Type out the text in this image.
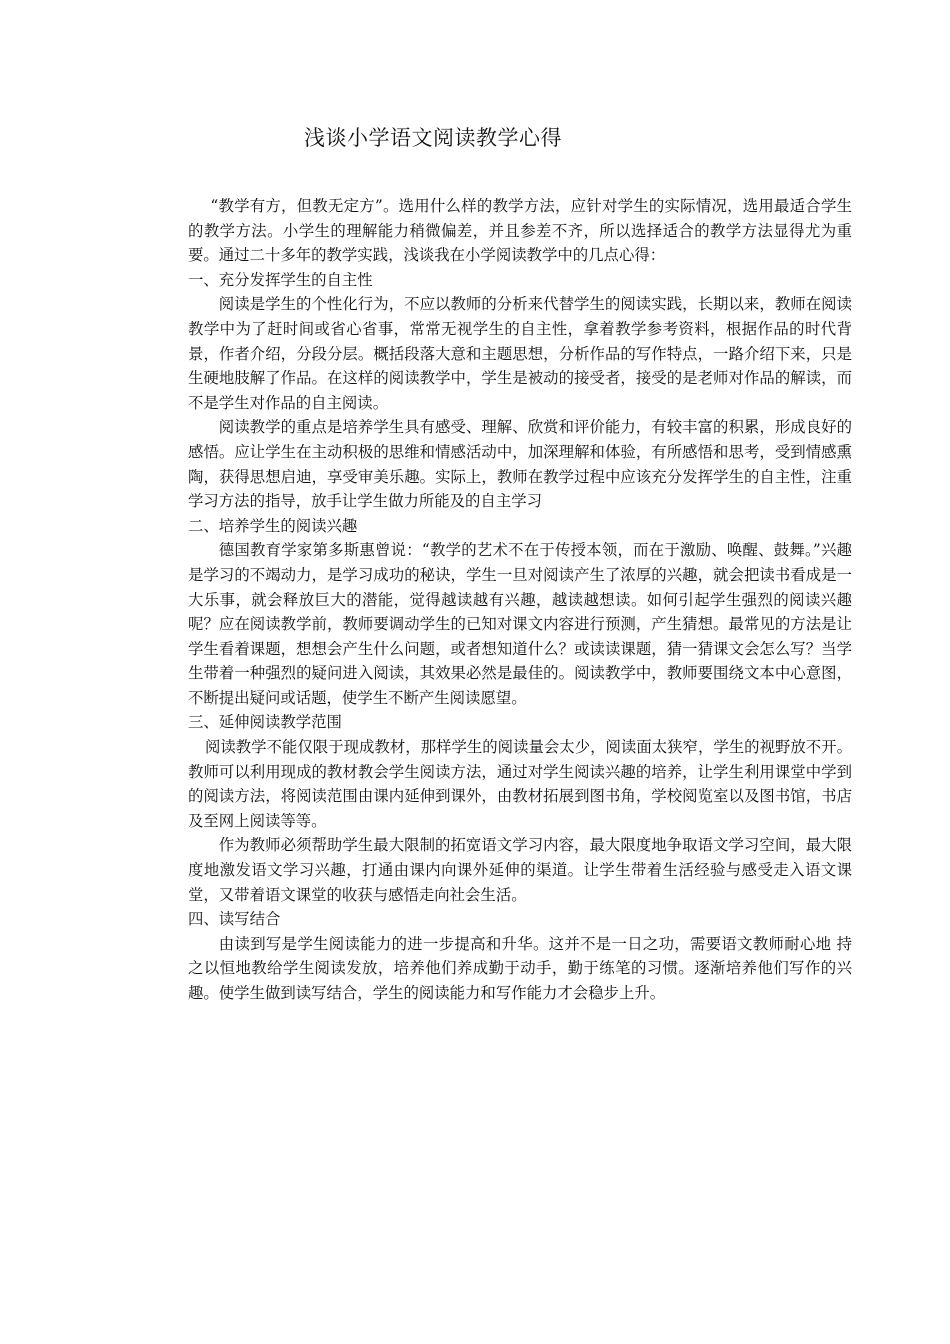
浅谈小学语文阅读教学心得

“教学有方，但教无定方”。选用什么样的教学方法，应针对学生的实际情况，选用最适合学生的教学方法。小学生的理解能力稍微偏差，并且参差不齐，所以选择适合的教学方法显得尤为重要。通过二十多年的教学实践，浅谈我在小学阅读教学中的几点心得：

一、充分发挥学生的自主性

阅读是学生的个性化行为，不应以教师的分析来代替学生的阅读实践，长期以来，教师在阅读教学中为了赶时间或省心省事，常常无视学生的自主性，拿着教学参考资料，根据作品的时代背景，作者介绍，分段分层。概括段落大意和主题思想，分析作品的写作特点，一路介绍下来，只是生硬地肢解了作品。在这样的阅读教学中，学生是被动的接受者，接受的是老师对作品的解读，而不是学生对作品的自主阅读。

阅读教学的重点是培养学生具有感受、理解、欣赏和评价能力，有较丰富的积累，形成良好的感悟。应让学生在主动积极的思维和情感活动中，加深理解和体验，有所感悟和思考，受到情感熏陶，获得思想启迪，享受审美乐趣。实际上，教师在教学过程中应该充分发挥学生的自主性，注重学习方法的指导，放手让学生做力所能及的自主学习

二、培养学生的阅读兴趣

德国教育学家第多斯惠曾说：“教学的艺术不在于传授本领，而在于激励、唤醒、鼓舞。”兴趣是学习的不竭动力，是学习成功的秘诀，学生一旦对阅读产生了浓厚的兴趣，就会把读书看成是一大乐事，就会释放巨大的潜能，觉得越读越有兴趣，越读越想读。如何引起学生强烈的阅读兴趣呢？应在阅读教学前，教师要调动学生的已知对课文内容进行预测，产生猜想。最常见的方法是让学生看着课题，想想会产生什么问题，或者想知道什么？或读读课题，猜一猜课文会怎么写？当学生带着一种强烈的疑问进入阅读，其效果必然是最佳的。阅读教学中，教师要围绕文本中心意图，不断提出疑问或话题，使学生不断产生阅读愿望。

三、延伸阅读教学范围

阅读教学不能仅限于现成教材，那样学生的阅读量会太少，阅读面太狭窄，学生的视野放不开。教师可以利用现成的教材教会学生阅读方法，通过对学生阅读兴趣的培养，让学生利用课堂中学到的阅读方法，将阅读范围由课内延伸到课外，由教材拓展到图书角，学校阅览室以及图书馆，书店及至网上阅读等等。

作为教师必须帮助学生最大限制的拓宽语文学习内容，最大限度地争取语文学习空间，最大限度地激发语文学习兴趣，打通由课内向课外延伸的渠道。让学生带着生活经验与感受走入语文课堂，又带着语文课堂的收获与感悟走向社会生活。

四、读写结合

由读到写是学生阅读能力的进一步提高和升华。这并不是一日之功，需要语文教师耐心地 持之以恒地教给学生阅读发放，培养他们养成勤于动手，勤于练笔的习惯。逐渐培养他们写作的兴趣。使学生做到读写结合，学生的阅读能力和写作能力才会稳步上升。
